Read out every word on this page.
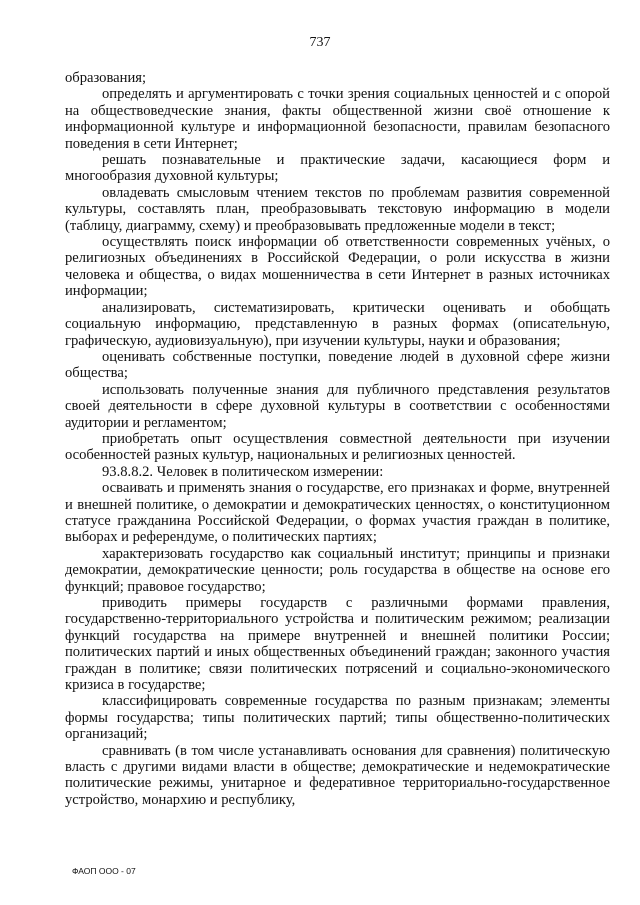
737

образования;

определять и аргументировать с точки зрения социальных ценностей и с опорой на обществоведческие знания, факты общественной жизни своё отношение к информационной культуре и информационной безопасности, правилам безопасного поведения в сети Интернет;

решать познавательные и практические задачи, касающиеся форм и многообразия духовной культуры;

овладевать смысловым чтением текстов по проблемам развития современной культуры, составлять план, преобразовывать текстовую информацию в модели (таблицу, диаграмму, схему) и преобразовывать предложенные модели в текст;

осуществлять поиск информации об ответственности современных учёных, о религиозных объединениях в Российской Федерации, о роли искусства в жизни человека и общества, о видах мошенничества в сети Интернет в разных источниках информации;

анализировать, систематизировать, критически оценивать и обобщать социальную информацию, представленную в разных формах (описательную, графическую, аудиовизуальную), при изучении культуры, науки и образования;

оценивать собственные поступки, поведение людей в духовной сфере жизни общества;

использовать полученные знания для публичного представления результатов своей деятельности в сфере духовной культуры в соответствии с особенностями аудитории и регламентом;

приобретать опыт осуществления совместной деятельности при изучении особенностей разных культур, национальных и религиозных ценностей.

93.8.8.2. Человек в политическом измерении:

осваивать и применять знания о государстве, его признаках и форме, внутренней и внешней политике, о демократии и демократических ценностях, о конституционном статусе гражданина Российской Федерации, о формах участия граждан в политике, выборах и референдуме, о политических партиях;

характеризовать государство как социальный институт; принципы и признаки демократии, демократические ценности; роль государства в обществе на основе его функций; правовое государство;

приводить примеры государств с различными формами правления, государственно-территориального устройства и политическим режимом; реализации функций государства на примере внутренней и внешней политики России; политических партий и иных общественных объединений граждан; законного участия граждан в политике; связи политических потрясений и социально-экономического кризиса в государстве;

классифицировать современные государства по разным признакам; элементы формы государства; типы политических партий; типы общественно-политических организаций;

сравнивать (в том числе устанавливать основания для сравнения) политическую власть с другими видами власти в обществе; демократические и недемократические политические режимы, унитарное и федеративное территориально-государственное устройство, монархию и республику,

ФАОП ООО - 07
